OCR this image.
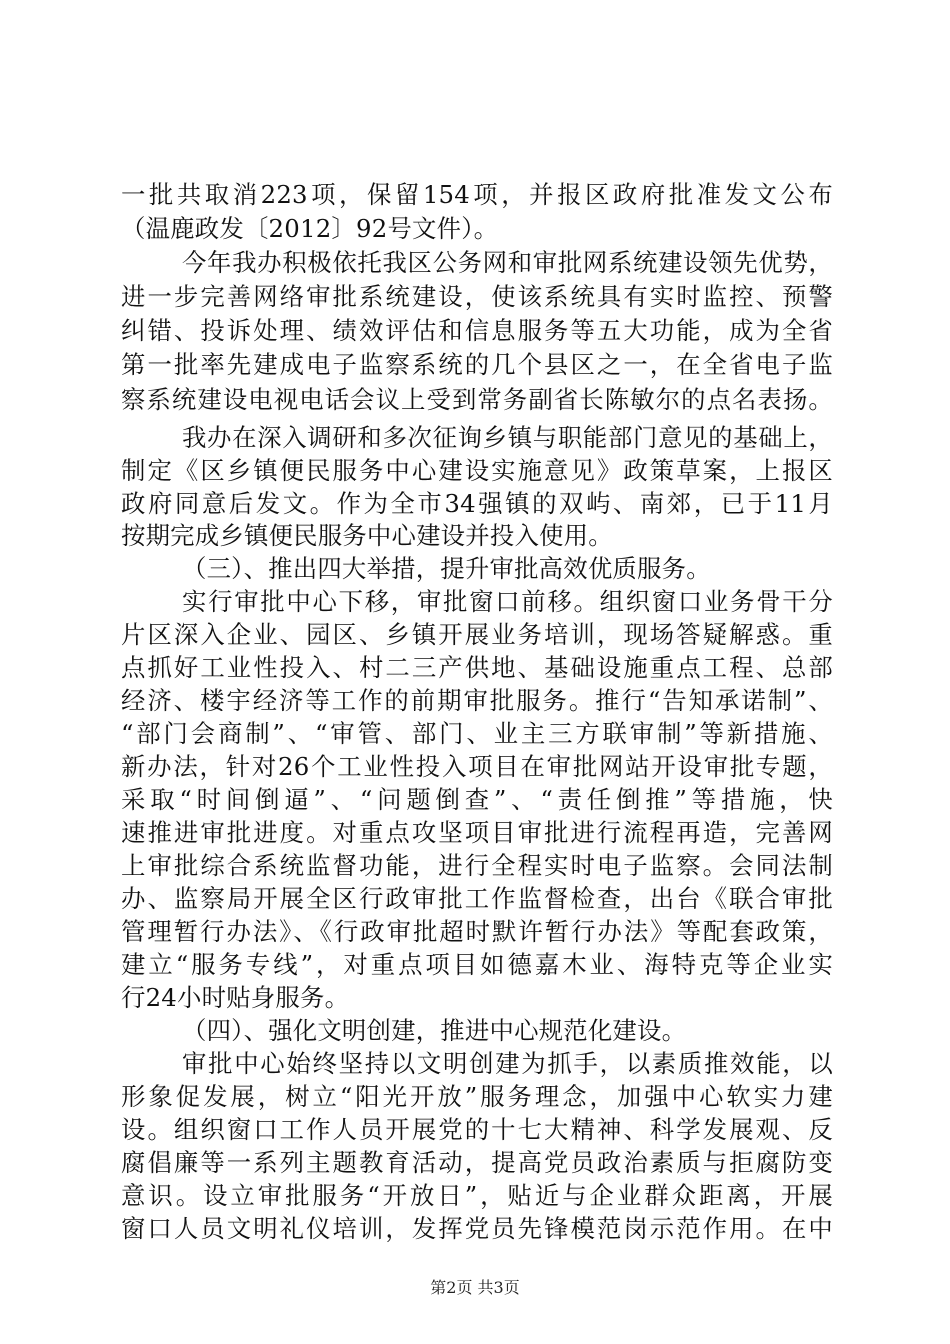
一批共取消223项，保留154项，并报区政府批准发文公布
（温鹿政发〔2012〕92号文件）。
今年我办积极依托我区公务网和审批网系统建设领先优势，
进一步完善网络审批系统建设，使该系统具有实时监控、预警
纠错、投诉处理、绩效评估和信息服务等五大功能，成为全省
第一批率先建成电子监察系统的几个县区之一，在全省电子监
察系统建设电视电话会议上受到常务副省长陈敏尔的点名表扬。
我办在深入调研和多次征询乡镇与职能部门意见的基础上，
制定《区乡镇便民服务中心建设实施意见》政策草案，上报区
政府同意后发文。作为全市34强镇的双屿、南郊，已于11月
按期完成乡镇便民服务中心建设并投入使用。
（三）、推出四大举措，提升审批高效优质服务。
实行审批中心下移，审批窗口前移。组织窗口业务骨干分
片区深入企业、园区、乡镇开展业务培训，现场答疑解惑。重
点抓好工业性投入、村二三产供地、基础设施重点工程、总部
经济、楼宇经济等工作的前期审批服务。推行“告知承诺制”、
“部门会商制”、“审管、部门、业主三方联审制”等新措施、
新办法，针对26个工业性投入项目在审批网站开设审批专题，
采取“时间倒逼”、“问题倒查”、“责任倒推”等措施，快
速推进审批进度。对重点攻坚项目审批进行流程再造，完善网
上审批综合系统监督功能，进行全程实时电子监察。会同法制
办、监察局开展全区行政审批工作监督检查，出台《联合审批
管理暂行办法》、《行政审批超时默许暂行办法》等配套政策，
建立“服务专线”，对重点项目如德嘉木业、海特克等企业实
行24小时贴身服务。
（四）、强化文明创建，推进中心规范化建设。
审批中心始终坚持以文明创建为抓手，以素质推效能，以
形象促发展，树立“阳光开放”服务理念，加强中心软实力建
设。组织窗口工作人员开展党的十七大精神、科学发展观、反
腐倡廉等一系列主题教育活动，提高党员政治素质与拒腐防变
意识。设立审批服务“开放日”，贴近与企业群众距离，开展
窗口人员文明礼仪培训，发挥党员先锋模范岗示范作用。在中
第2页 共3页
